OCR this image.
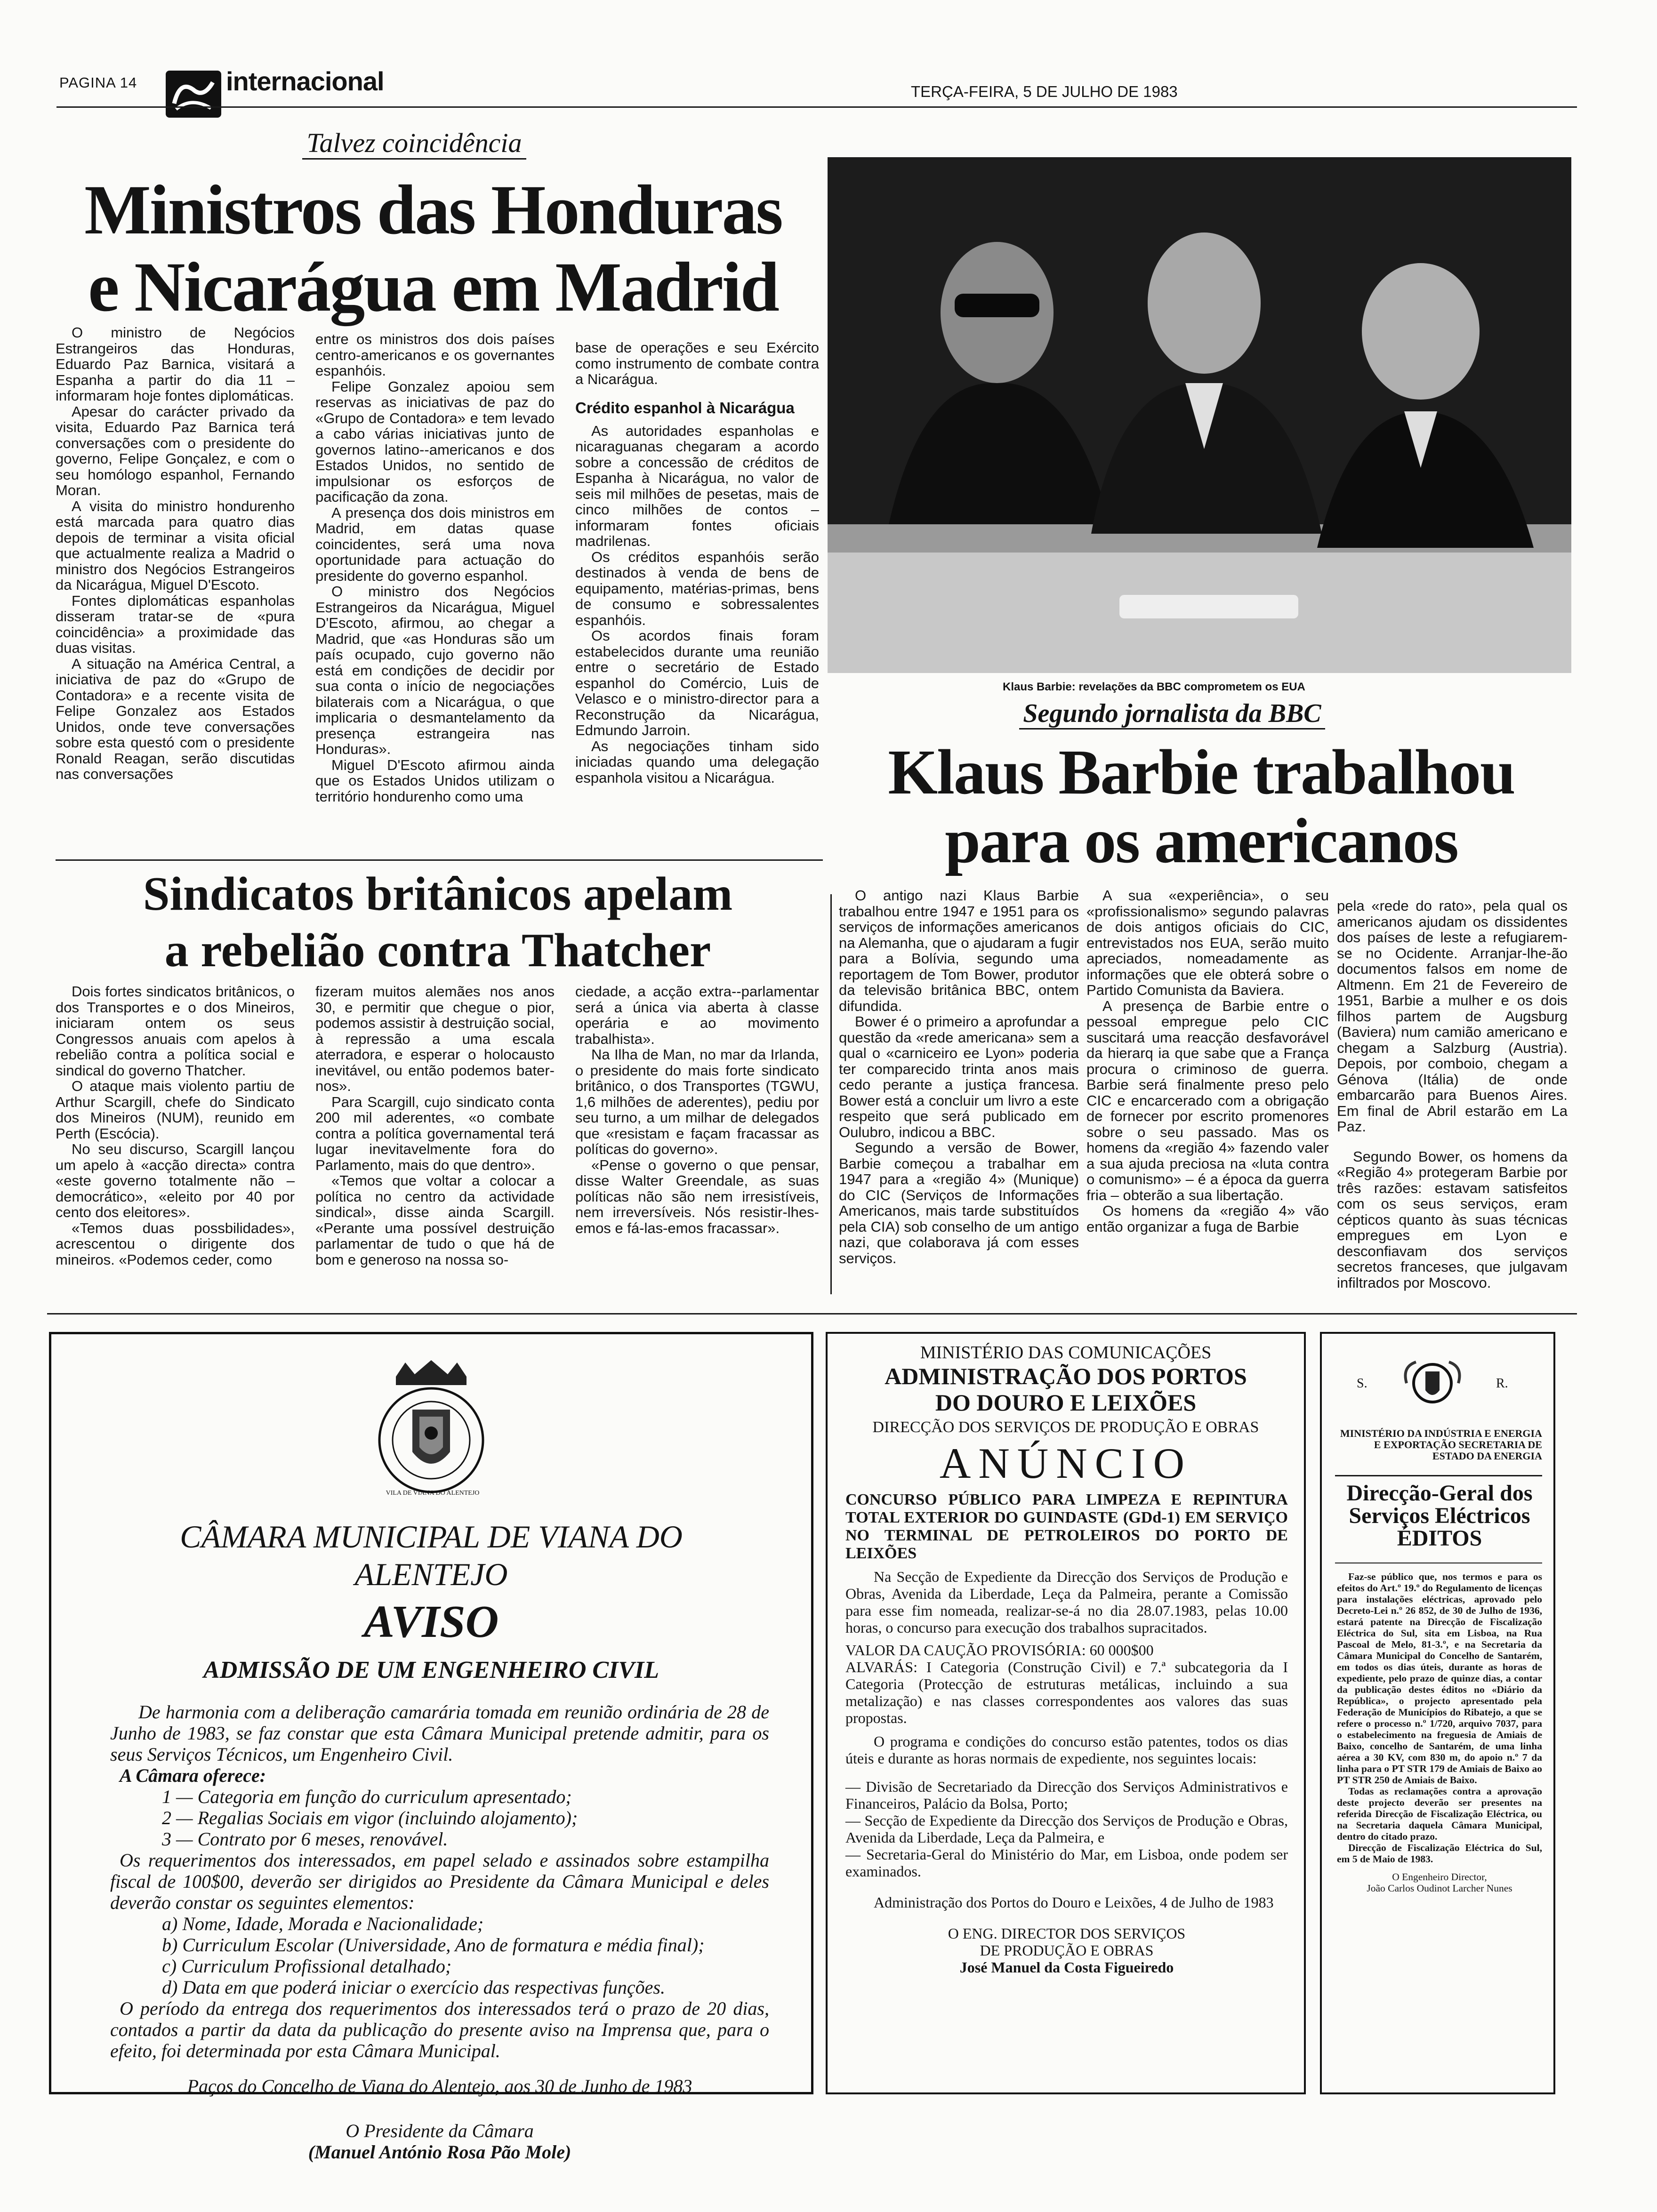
PAGINA 14	internacional	TERÇA-FEIRA, 5 DE JULHO DE 1983
Talvez coincidência
Ministros das Honduras
e Nicarágua em Madrid

O ministro de Negócios Estrangeiros das Honduras, Eduardo Paz Barnica, visitará a Espanha a partir do dia 11 – informaram hoje fontes diplomáticas.

Apesar do carácter privado da visita, Eduardo Paz Barnica terá conversações com o presidente do governo, Felipe Gonçalez, e com o seu homólogo espanhol, Fernando Moran.

A visita do ministro hondurenho está marcada para quatro dias depois de terminar a visita oficial que actualmente realiza a Madrid o ministro dos Negócios Estrangeiros da Nicarágua, Miguel D'Escoto.

Fontes diplomáticas espanholas disseram tratar-se de «pura coincidência» a proximidade das duas visitas.

A situação na América Central, a iniciativa de paz do «Grupo de Contadora» e a recente visita de Felipe Gonzalez aos Estados Unidos, onde teve conversações sobre esta questó com o presidente Ronald Reagan, serão discutidas nas conversações

entre os ministros dos dois países centro-americanos e os governantes espanhóis.

Felipe Gonzalez apoiou sem reservas as iniciativas de paz do «Grupo de Contadora» e tem levado a cabo várias iniciativas junto de governos latino--americanos e dos Estados Unidos, no sentido de impulsionar os esforços de pacificação da zona.

A presença dos dois ministros em Madrid, em datas quase coincidentes, será uma nova oportunidade para actuação do presidente do governo espanhol.

O ministro dos Negócios Estrangeiros da Nicarágua, Miguel D'Escoto, afirmou, ao chegar a Madrid, que «as Honduras são um país ocupado, cujo governo não está em condições de decidir por sua conta o início de negociações bilaterais com a Nicarágua, o que implicaria o desmantelamento da presença estrangeira nas Honduras».

Miguel D'Escoto afirmou ainda que os Estados Unidos utilizam o território hondurenho como uma

base de operações e seu Exército como instrumento de combate contra a Nicarágua.

Crédito espanhol à Nicarágua

As autoridades espanholas e nicaraguanas chegaram a acordo sobre a concessão de créditos de Espanha à Nicarágua, no valor de seis mil milhões de pesetas, mais de cinco milhões de contos – informaram fontes oficiais madrilenas.

Os créditos espanhóis serão destinados à venda de bens de equipamento, matérias-primas, bens de consumo e sobressalentes espanhóis.

Os acordos finais foram estabelecidos durante uma reunião entre o secretário de Estado espanhol do Comércio, Luis de Velasco e o ministro-director para a Reconstrução da Nicarágua, Edmundo Jarroin.

As negociações tinham sido iniciadas quando uma delegação espanhola visitou a Nicarágua.

Klaus Barbie: revelações da BBC comprometem os EUA
Segundo jornalista da BBC
Klaus Barbie trabalhou
para os americanos

O antigo nazi Klaus Barbie trabalhou entre 1947 e 1951 para os serviços de informações americanos na Alemanha, que o ajudaram a fugir para a Bolívia, segundo uma reportagem de Tom Bower, produtor da televisão britânica BBC, ontem difundida.

Bower é o primeiro a aprofundar a questão da «rede americana» sem a qual o «carniceiro ee Lyon» poderia ter comparecido trinta anos mais cedo perante a justiça francesa. Bower está a concluir um livro a este respeito que será publicado em Oulubro, indicou a BBC.

Segundo a versão de Bower, Barbie começou a trabalhar em 1947 para a «região 4» (Munique) do CIC (Serviços de Informações Americanos, mais tarde substituídos pela CIA) sob conselho de um antigo nazi, que colaborava já com esses serviços.

A sua «experiência», o seu «profissionalismo» segundo palavras de dois antigos oficiais do CIC, entrevistados nos EUA, serão muito apreciados, nomeadamente as informações que ele obterá sobre o Partido Comunista da Baviera.

A presença de Barbie entre o pessoal empregue pelo CIC suscitará uma reacção desfavorável da hierarq ia que sabe que a França procura o criminoso de guerra. Barbie será finalmente preso pelo CIC e encarcerado com a obrigação de fornecer por escrito promenores sobre o seu passado. Mas os homens da «região 4» fazendo valer a sua ajuda preciosa na «luta contra o comunismo» – é a época da guerra fria – obterão a sua libertação.

Os homens da «região 4» vão então organizar a fuga de Barbie

pela «rede do rato», pela qual os americanos ajudam os dissidentes dos países de leste a refugiarem-se no Ocidente. Arranjar-lhe-ão documentos falsos em nome de Altmenn. Em 21 de Fevereiro de 1951, Barbie a mulher e os dois filhos partem de Augsburg (Baviera) num camião americano e chegam a Salzburg (Austria). Depois, por comboio, chegam a Génova (Itália) de onde embarcarão para Buenos Aires. Em final de Abril estarão em La Paz.

Segundo Bower, os homens da «Região 4» protegeram Barbie por três razões: estavam satisfeitos com os seus serviços, eram cépticos quanto às suas técnicas empregues em Lyon e desconfiavam dos serviços secretos franceses, que julgavam infiltrados por Moscovo.

Sindicatos britânicos apelam
a rebelião contra Thatcher

Dois fortes sindicatos britânicos, o dos Transportes e o dos Mineiros, iniciaram ontem os seus Congressos anuais com apelos à rebelião contra a política social e sindical do governo Thatcher.

O ataque mais violento partiu de Arthur Scargill, chefe do Sindicato dos Mineiros (NUM), reunido em Perth (Escócia).

No seu discurso, Scargill lançou um apelo à «acção directa» contra «este governo totalmente não – democrático», «eleito por 40 por cento dos eleitores».

«Temos duas possbilidades», acrescentou o dirigente dos mineiros. «Podemos ceder, como

fizeram muitos alemães nos anos 30, e permitir que chegue o pior, podemos assistir à destruição social, à repressão a uma escala aterradora, e esperar o holocausto inevitável, ou então podemos bater-nos».

Para Scargill, cujo sindicato conta 200 mil aderentes, «o combate contra a política governamental terá lugar inevitavelmente fora do Parlamento, mais do que dentro».

«Temos que voltar a colocar a política no centro da actividade sindical», disse ainda Scargill. «Perante uma possível destruição parlamentar de tudo o que há de bom e generoso na nossa so-

ciedade, a acção extra--parlamentar será a única via aberta à classe operária e ao movimento trabalhista».

Na Ilha de Man, no mar da Irlanda, o presidente do mais forte sindicato britânico, o dos Transportes (TGWU, 1,6 milhões de aderentes), pediu por seu turno, a um milhar de delegados que «resistam e façam fracassar as políticas do governo».

«Pense o governo o que pensar, disse Walter Greendale, as suas políticas não são nem irresistíveis, nem irreversíveis. Nós resistir-lhes-emos e fá-las-emos fracassar».

VILA DE VIANA DO ALENTEJO
CÂMARA MUNICIPAL DE VIANA DO
ALENTEJO
AVISO
ADMISSÃO DE UM ENGENHEIRO CIVIL

De harmonia com a deliberação camarária tomada em reunião ordinária de 28 de Junho de 1983, se faz constar que esta Câmara Municipal pretende admitir, para os seus Serviços Técnicos, um Engenheiro Civil.

A Câmara oferece:

1 — Categoria em função do curriculum apresentado;
2 — Regalias Sociais em vigor (incluindo alojamento);
3 — Contrato por 6 meses, renovável.

Os requerimentos dos interessados, em papel selado e assinados sobre estampilha fiscal de 100$00, deverão ser dirigidos ao Presidente da Câmara Municipal e deles deverão constar os seguintes elementos:

a) Nome, Idade, Morada e Nacionalidade;
b) Curriculum Escolar (Universidade, Ano de formatura e média final);
c) Curriculum Profissional detalhado;
d) Data em que poderá iniciar o exercício das respectivas funções.

O período da entrega dos requerimentos dos interessados terá o prazo de 20 dias, contados a partir da data da publicação do presente aviso na Imprensa que, para o efeito, foi determinada por esta Câmara Municipal.

Paços do Concelho de Viana do Alentejo, aos 30 de Junho de 1983

O Presidente da Câmara

(Manuel António Rosa Pão Mole)

MINISTÉRIO DAS COMUNICAÇÕES
ADMINISTRAÇÃO DOS PORTOS
DO DOURO E LEIXÕES
DIRECÇÃO DOS SERVIÇOS DE PRODUÇÃO E OBRAS
ANÚNCIO
CONCURSO PÚBLICO PARA LIMPEZA E REPINTURA TOTAL EXTERIOR DO GUINDASTE (GDd-1) EM SERVIÇO NO TERMINAL DE PETROLEIROS DO PORTO DE LEIXÕES

Na Secção de Expediente da Direcção dos Serviços de Produção e Obras, Avenida da Liberdade, Leça da Palmeira, perante a Comissão para esse fim nomeada, realizar-se-á no dia 28.07.1983, pelas 10.00 horas, o concurso para execução dos trabalhos supracitados.

VALOR DA CAUÇÃO PROVISÓRIA: 60 000$00

ALVARÁS: I Categoria (Construção Civil) e 7.ª subcategoria da I Categoria (Protecção de estruturas metálicas, incluindo a sua metalização) e nas classes correspondentes aos valores das suas propostas.

O programa e condições do concurso estão patentes, todos os dias úteis e durante as horas normais de expediente, nos seguintes locais:

— Divisão de Secretariado da Direcção dos Serviços Administrativos e Financeiros, Palácio da Bolsa, Porto;
— Secção de Expediente da Direcção dos Serviços de Produção e Obras, Avenida da Liberdade, Leça da Palmeira, e
— Secretaria-Geral do Ministério do Mar, em Lisboa, onde podem ser examinados.

Administração dos Portos do Douro e Leixões, 4 de Julho de 1983

O ENG. DIRECTOR DOS SERVIÇOS

DE PRODUÇÃO E OBRAS

José Manuel da Costa Figueiredo

S.	R.
MINISTÉRIO DA INDÚSTRIA E ENERGIA E EXPORTAÇÃO SECRETARIA DE ESTADO DA ENERGIA
Direcção-Geral dos
Serviços Eléctricos
ÉDITOS

Faz-se público que, nos termos e para os efeitos do Art.º 19.º do Regulamento de licenças para instalações eléctricas, aprovado pelo Decreto-Lei n.º 26 852, de 30 de Julho de 1936, estará patente na Direcção de Fiscalização Eléctrica do Sul, sita em Lisboa, na Rua Pascoal de Melo, 81-3.º, e na Secretaria da Câmara Municipal do Concelho de Santarém, em todos os dias úteis, durante as horas de expediente, pelo prazo de quinze dias, a contar da publicação destes éditos no «Diário da República», o projecto apresentado pela Federação de Municípios do Ribatejo, a que se refere o processo n.º 1/720, arquivo 7037, para o estabelecimento na freguesia de Amiais de Baixo, concelho de Santarém, de uma linha aérea a 30 KV, com 830 m, do apoio n.º 7 da linha para o PT STR 179 de Amiais de Baixo ao PT STR 250 de Amiais de Baixo.

Todas as reclamações contra a aprovação deste projecto deverão ser presentes na referida Direcção de Fiscalização Eléctrica, ou na Secretaria daquela Câmara Municipal, dentro do citado prazo.

Direcção de Fiscalização Eléctrica do Sul, em 5 de Maio de 1983.

O Engenheiro Director,

João Carlos Oudinot Larcher Nunes
